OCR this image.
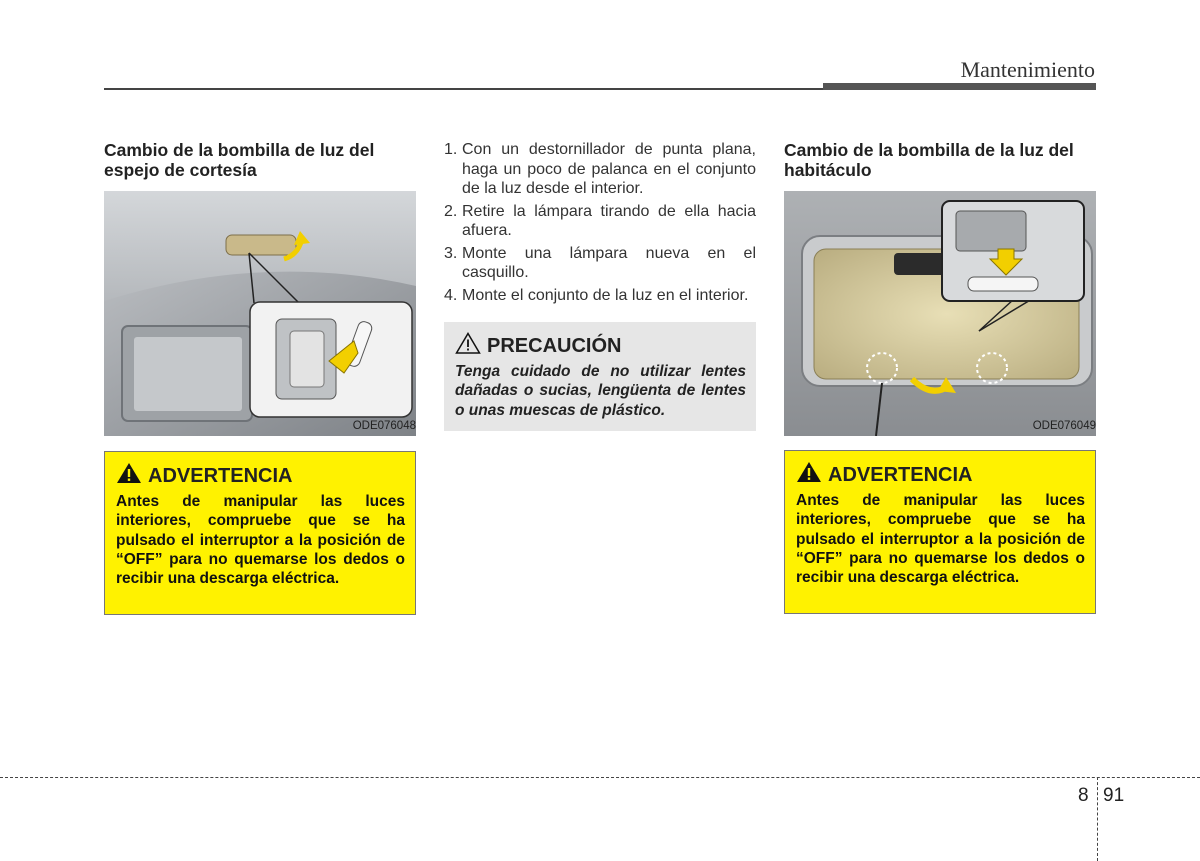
Mantenimiento
Cambio de la bombilla de luz del espejo de cortesía
ODE076048
ADVERTENCIA
Antes de manipular las luces interiores, compruebe que se ha pulsado el interruptor a la posición de “OFF” para no quemarse los dedos o recibir una descarga eléctrica.
1. Con un destornillador de punta plana, haga un poco de palanca en el conjunto de la luz desde el interior.
2. Retire la lámpara tirando de ella hacia afuera.
3. Monte una lámpara nueva en el casquillo.
4. Monte el conjunto de la luz en el interior.
PRECAUCIÓN
Tenga cuidado de no utilizar lentes dañadas o sucias, lengüenta de lentes o unas muescas de plástico.
Cambio de la bombilla de la luz del habitáculo
ODE076049
ADVERTENCIA
Antes de manipular las luces interiores, compruebe que se ha pulsado el interruptor a la posición de “OFF” para no quemarse los dedos o recibir una descarga eléctrica.
8 91
